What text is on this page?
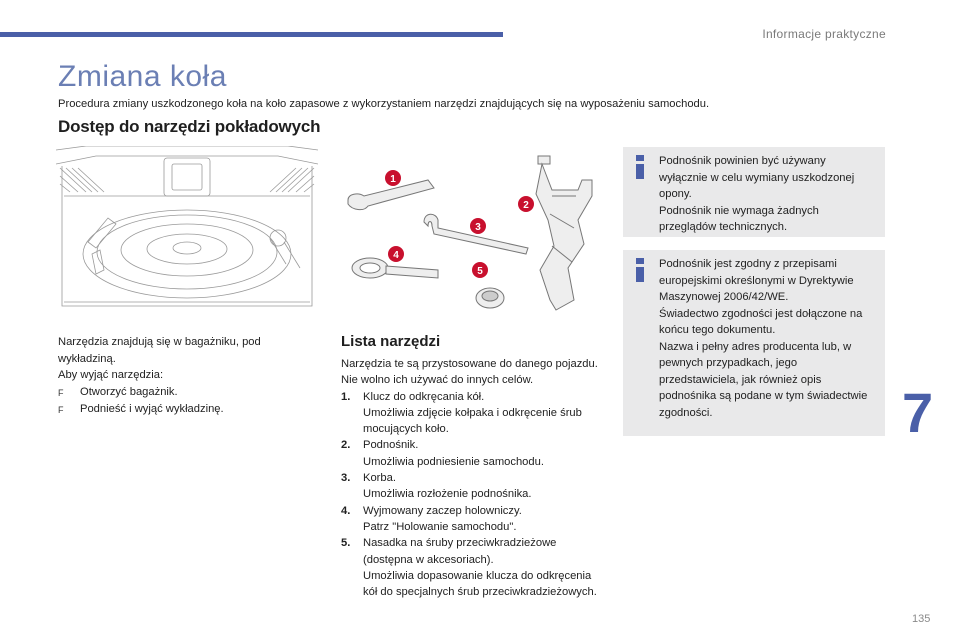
Informacje praktyczne
Zmiana koła

Procedura zmiany uszkodzonego koła na koło zapasowe z wykorzystaniem narzędzi znajdujących się na wyposażeniu samochodu.

Dostęp do narzędzi pokładowych
1
2
3
4
5

Narzędzia znajdują się w bagażniku, pod wykładziną.

Aby wyjąć narzędzia:

F	Otworzyć bagażnik.
F	Podnieść i wyjąć wykładzinę.
Lista narzędzi

Narzędzia te są przystosowane do danego pojazdu. Nie wolno ich używać do innych celów.

1.	Klucz do odkręcania kół.

Umożliwia zdjęcie kołpaka i odkręcenie śrub mocujących koło.

2.	Podnośnik.

Umożliwia podniesienie samochodu.

3.	Korba.

Umożliwia rozłożenie podnośnika.

4.	Wyjmowany zaczep holowniczy.

Patrz "Holowanie samochodu".

5.	Nasadka na śruby przeciwkradzieżowe (dostępna w akcesoriach).

Umożliwia dopasowanie klucza do odkręcenia kół do specjalnych śrub przeciwkradzieżowych.

Podnośnik powinien być używany wyłącznie w celu wymiany uszkodzonej opony.
Podnośnik nie wymaga żadnych przeglądów technicznych.

Podnośnik jest zgodny z przepisami europejskimi określonymi w Dyrektywie Maszynowej 2006/42/WE.
Świadectwo zgodności jest dołączone na końcu tego dokumentu.
Nazwa i pełny adres producenta lub, w pewnych przypadkach, jego przedstawiciela, jak również opis podnośnika są podane w tym świadectwie zgodności.	7
135
